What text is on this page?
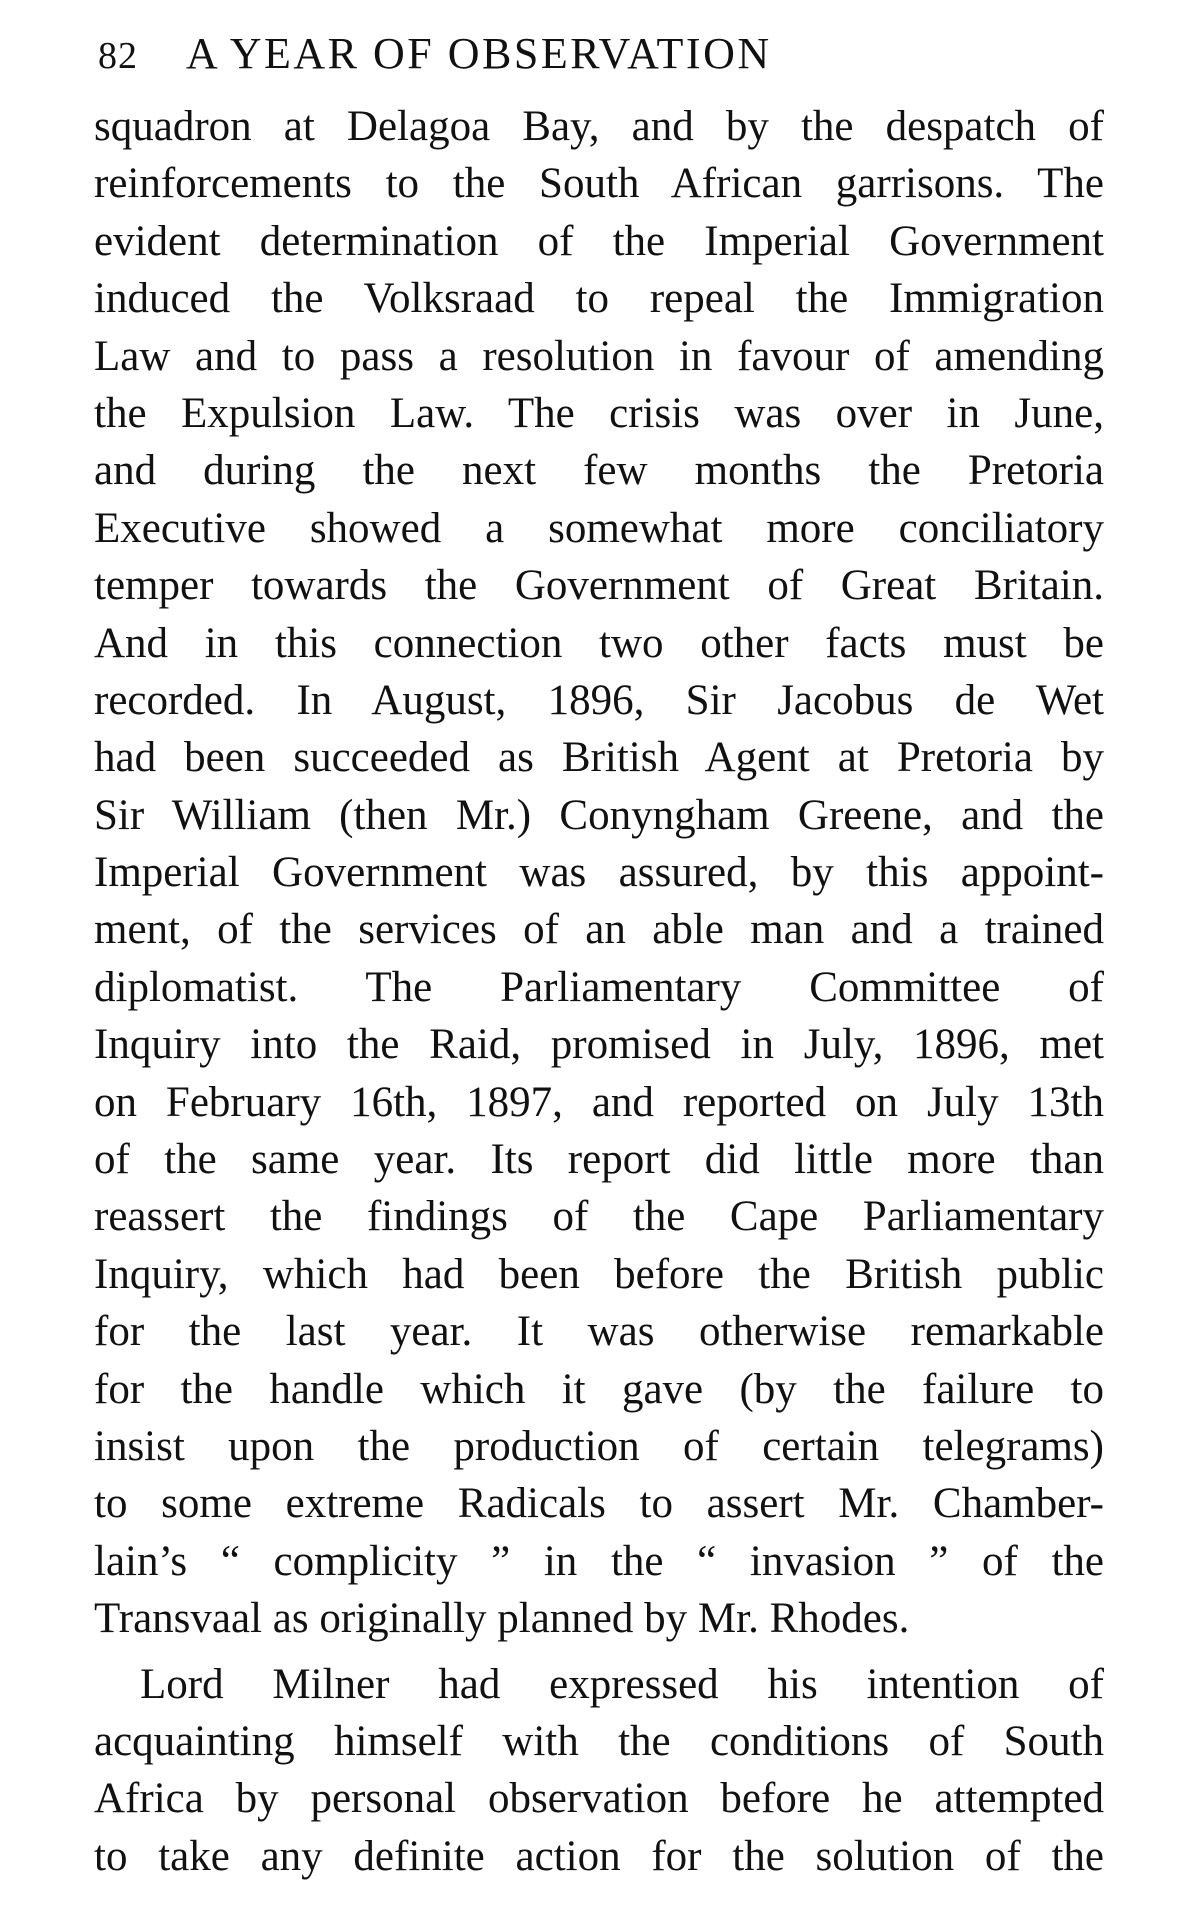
82 A YEAR OF OBSERVATION
squadron at Delagoa Bay, and by the despatch of
reinforcements to the South African garrisons. The
evident determination of the Imperial Government
induced the Volksraad to repeal the Immigration
Law and to pass a resolution in favour of amending
the Expulsion Law. The crisis was over in June,
and during the next few months the Pretoria
Executive showed a somewhat more conciliatory
temper towards the Government of Great Britain.
And in this connection two other facts must be
recorded. In August, 1896, Sir Jacobus de Wet
had been succeeded as British Agent at Pretoria by
Sir William (then Mr.) Conyngham Greene, and the
Imperial Government was assured, by this appoint-
ment, of the services of an able man and a trained
diplomatist. The Parliamentary Committee of
Inquiry into the Raid, promised in July, 1896, met
on February 16th, 1897, and reported on July 13th
of the same year. Its report did little more than
reassert the findings of the Cape Parliamentary
Inquiry, which had been before the British public
for the last year. It was otherwise remarkable
for the handle which it gave (by the failure to
insist upon the production of certain telegrams)
to some extreme Radicals to assert Mr. Chamber-
lain’s “ complicity ” in the “ invasion ” of the
Transvaal as originally planned by Mr. Rhodes.
Lord Milner had expressed his intention of
acquainting himself with the conditions of South
Africa by personal observation before he attempted
to take any definite action for the solution of the
